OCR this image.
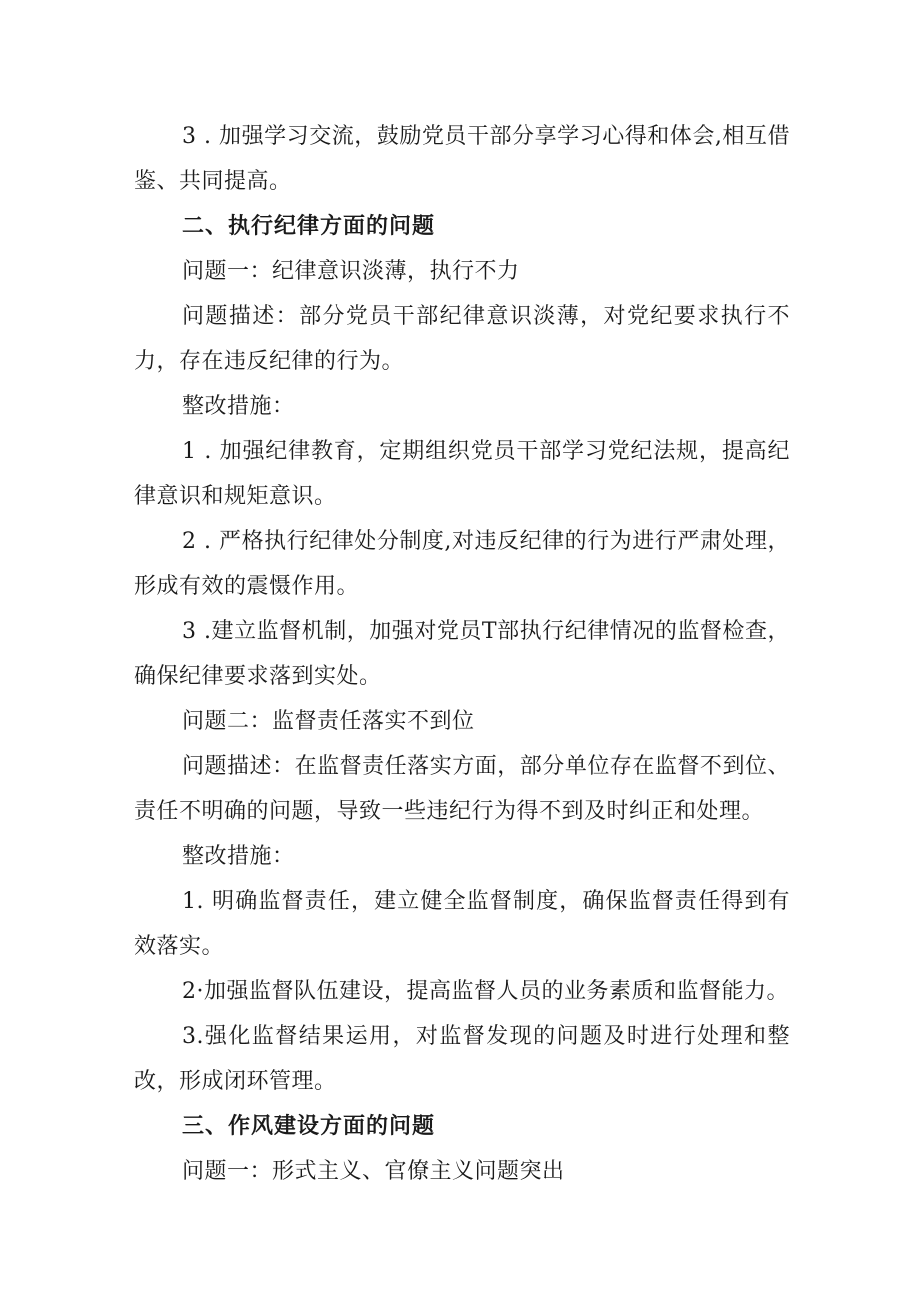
3 . 加强学习交流，鼓励党员干部分享学习心得和体会,相互借鉴、共同提高。

二、执行纪律方面的问题

问题一：纪律意识淡薄，执行不力

问题描述：部分党员干部纪律意识淡薄，对党纪要求执行不力，存在违反纪律的行为。

整改措施：

1 . 加强纪律教育，定期组织党员干部学习党纪法规，提高纪律意识和规矩意识。

2 . 严格执行纪律处分制度,对违反纪律的行为进行严肃处理，形成有效的震慑作用。

3 .建立监督机制，加强对党员T部执行纪律情况的监督检查，确保纪律要求落到实处。

问题二：监督责任落实不到位

问题描述：在监督责任落实方面，部分单位存在监督不到位、责任不明确的问题，导致一些违纪行为得不到及时纠正和处理。

整改措施：

1. 明确监督责任，建立健全监督制度，确保监督责任得到有效落实。

2·加强监督队伍建设，提高监督人员的业务素质和监督能力。

3.强化监督结果运用，对监督发现的问题及时进行处理和整改，形成闭环管理。

三、作风建设方面的问题

问题一：形式主义、官僚主义问题突出
